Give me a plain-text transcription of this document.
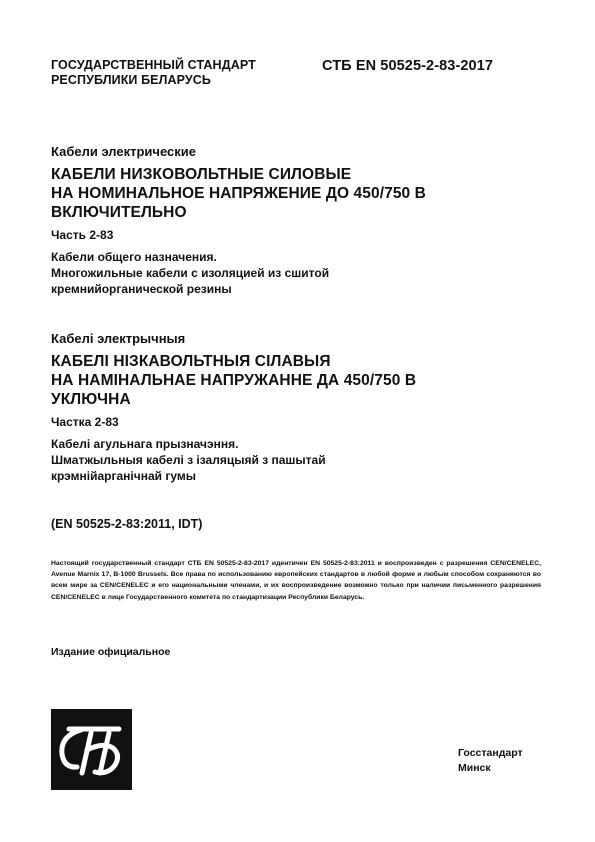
ГОСУДАРСТВЕННЫЙ СТАНДАРТ
РЕСПУБЛИКИ БЕЛАРУСЬ
СТБ EN 50525-2-83-2017

Кабели электрические

КАБЕЛИ НИЗКОВОЛЬТНЫЕ СИЛОВЫЕ
НА НОМИНАЛЬНОЕ НАПРЯЖЕНИЕ ДО 450/750 В
ВКЛЮЧИТЕЛЬНО

Часть 2-83

Кабели общего назначения.
Многожильные кабели с изоляцией из сшитой
кремнийорганической резины

Кабелі электрычныя

КАБЕЛІ НІЗКАВОЛЬТНЫЯ СІЛАВЫЯ
НА НАМІНАЛЬНАЕ НАПРУЖАННЕ ДА 450/750 В
УКЛЮЧНА

Частка 2-83

Кабелі агульнага прызначэння.
Шматжыльныя кабелі з ізаляцыяй з пашытай
крэмнійарганічнай гумы
(EN 50525-2-83:2011, IDT)

Настоящий государственный стандарт СТБ EN 50525-2-83-2017 идентичен EN 50525-2-83:2011 и воспроизведен с разрешения CEN/CENELEC, Avenue Marnix 17, B-1000 Brussels. Все права по использованию европейских стандартов в любой форме и любым способом сохраняются во всем мире за CEN/CENELEC и его национальными членами, и их воспроизведение возможно только при наличии письменного разрешения CEN/CENELEC в лице Государственного комитета по стандартизации Республики Беларусь.

Издание официальное
Госстандарт
Минск
